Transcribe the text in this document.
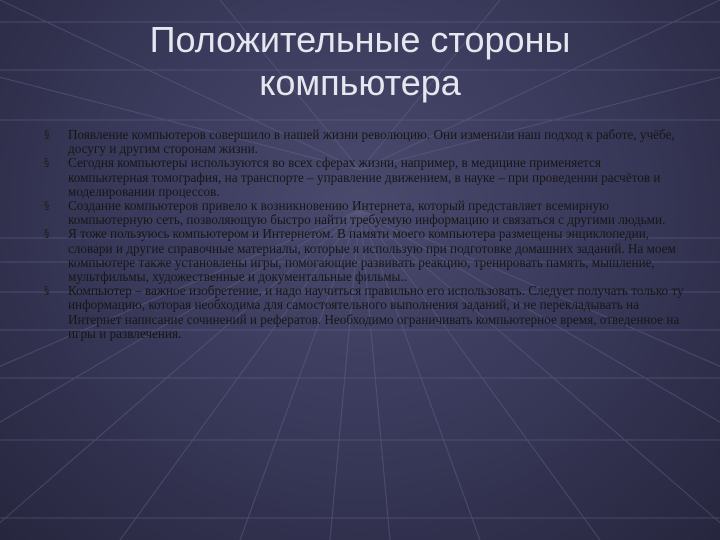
Положительные стороны
компьютера
§ Появление компьютеров совершило в нашей жизни революцию. Они изменили наш подход к работе, учёбе, досугу и другим сторонам жизни.
§ Сегодня компьютеры используются во всех сферах жизни, например, в медицине применяется компьютерная томография, на транспорте – управление движением, в науке – при проведении расчётов и моделировании процессов.
§ Создание компьютеров привело к возникновению Интернета, который представляет всемирную компьютерную сеть, позволяющую быстро найти требуемую информацию и связаться с другими людьми.
§ Я тоже пользуюсь компьютером и Интернетом. В памяти моего компьютера размещены энциклопедии, словари и другие справочные материалы, которые я использую при подготовке домашних заданий. На моем компьютере также установлены игры, помогающие развивать реакцию, тренировать память, мышление, мультфильмы, художественные и документальные фильмы..
§ Компьютер – важное изобретение, и надо научиться правильно его использовать. Следует получать только ту информацию, которая необходима для самостоятельного выполнения заданий, и не перекладывать на Интернет написание сочинений и рефератов. Необходимо ограничивать компьютерное время, отведенное на игры и развлечения.
